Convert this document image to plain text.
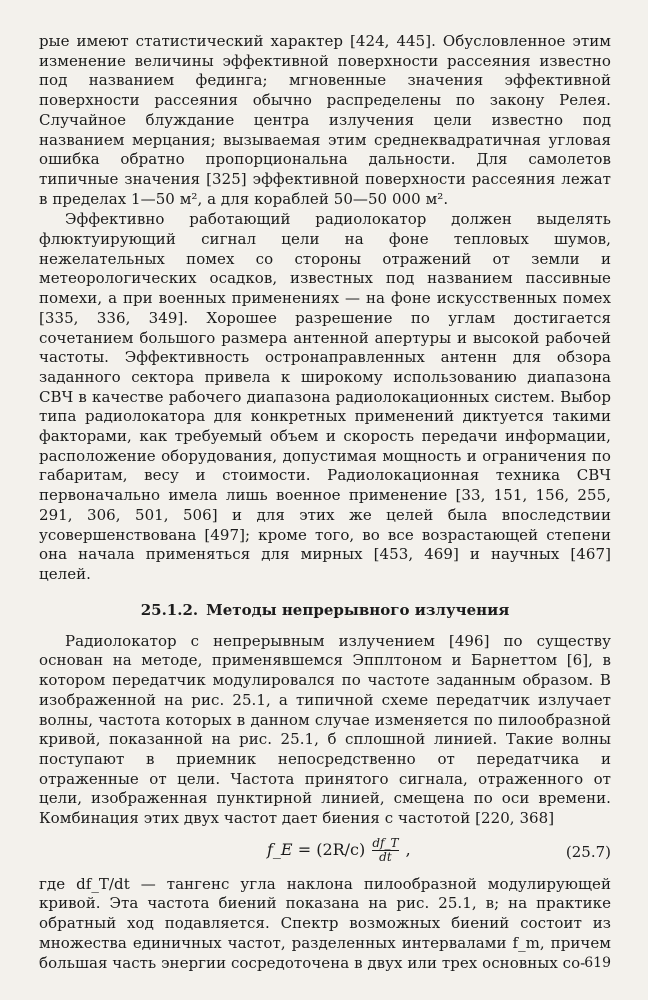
рые имеют статистический характер [424, 445]. Обусловленное этим изменение величины эффективной поверхности рассеяния известно под названием фединга; мгновенные значения эффективной поверхности рассеяния обычно распределены по закону Релея. Случайное блуждание центра излучения цели известно под названием мерцания; вызываемая этим среднеквадратичная угловая ошибка обратно пропорциональна дальности. Для самолетов типичные значения [325] эффективной поверхности рассеяния лежат в пределах 1—50 м², а для кораблей 50—50 000 м².

Эффективно работающий радиолокатор должен выделять флюктуирующий сигнал цели на фоне тепловых шумов, нежелательных помех со стороны отражений от земли и метеорологических осадков, известных под названием пассивные помехи, а при военных применениях — на фоне искусственных помех [335, 336, 349]. Хорошее разрешение по углам достигается сочетанием большого размера антенной апертуры и высокой рабочей частоты. Эффективность остронаправленных антенн для обзора заданного сектора привела к широкому использованию диапазона СВЧ в качестве рабочего диапазона радиолокационных систем. Выбор типа радиолокатора для конкретных применений диктуется такими факторами, как требуемый объем и скорость передачи информации, расположение оборудования, допустимая мощность и ограничения по габаритам, весу и стоимости. Радиолокационная техника СВЧ первоначально имела лишь военное применение [33, 151, 156, 255, 291, 306, 501, 506] и для этих же целей была впоследствии усовершенствована [497]; кроме того, во все возрастающей степени она начала применяться для мирных [453, 469] и научных [467] целей.

25.1.2. Методы непрерывного излучения

Радиолокатор с непрерывным излучением [496] по существу основан на методе, применявшемся Эпплтоном и Барнеттом [6], в котором передатчик модулировался по частоте заданным образом. В изображенной на рис. 25.1, а типичной схеме передатчик излучает волны, частота которых в данном случае изменяется по пилообразной кривой, показанной на рис. 25.1, б сплошной линией. Такие волны поступают в приемник непосредственно от передатчика и отраженные от цели. Частота принятого сигнала, отраженного от цели, изображенная пунктирной линией, смещена по оси времени. Комбинация этих двух частот дает биения с частотой [220, 368]

f_E = $(2R/c) \frac{df\_T}{dt}$ ,	(25.7)

где df_T/dt — тангенс угла наклона пилообразной модулирующей кривой. Эта частота биений показана на рис. 25.1, в; на практике обратный ход подавляется. Спектр возможных биений состоит из множества единичных частот, разделенных интервалами f_m, причем большая часть энергии сосредоточена в двух или трех основных со-

619
